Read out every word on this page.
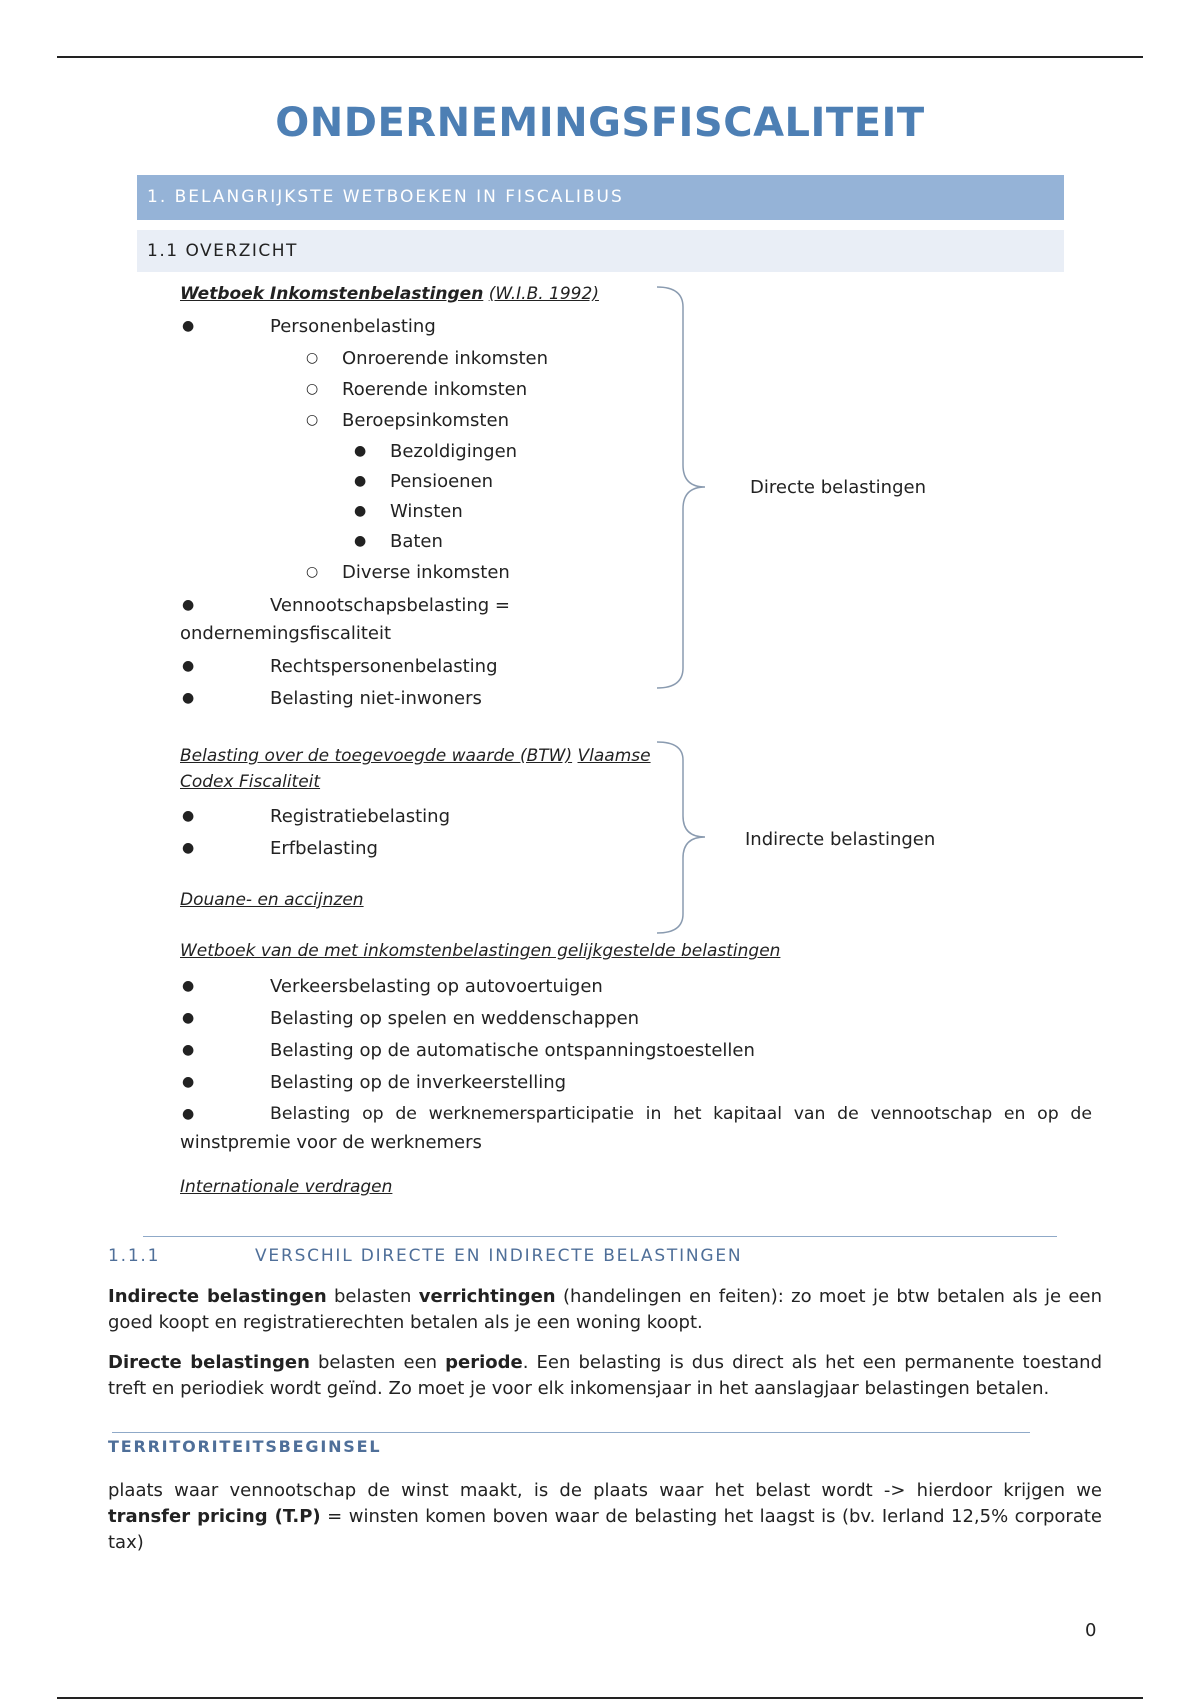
ONDERNEMINGSFISCALITEIT
1. BELANGRIJKSTE WETBOEKEN IN FISCALIBUS
1.1 OVERZICHT
Wetboek Inkomstenbelastingen (W.I.B. 1992)
●	Personenbelasting
○ Onroerende inkomsten
○ Roerende inkomsten
○ Beroepsinkomsten
● Bezoldigingen
● Pensioenen
● Winsten
● Baten
○ Diverse inkomsten
●	Vennootschapsbelasting =
ondernemingsfiscaliteit
●	Rechtspersonenbelasting
●	Belasting niet-inwoners
Directe belastingen
Belasting over de toegevoegde waarde (BTW) Vlaamse
Codex Fiscaliteit
●	Registratiebelasting
●	Erfbelasting
Douane- en accijnzen
Indirecte belastingen
Wetboek van de met inkomstenbelastingen gelijkgestelde belastingen
●	Verkeersbelasting op autovoertuigen
●	Belasting op spelen en weddenschappen
●	Belasting op de automatische ontspanningstoestellen
●	Belasting op de inverkeerstelling
●	Belasting op de werknemersparticipatie in het kapitaal van de vennootschap en op de
winstpremie voor de werknemers
Internationale verdragen
1.1.1	VERSCHIL DIRECTE EN INDIRECTE BELASTINGEN
Indirecte belastingen belasten verrichtingen (handelingen en feiten): zo moet je btw betalen als je een goed koopt en registratierechten betalen als je een woning koopt.
Directe belastingen belasten een periode. Een belasting is dus direct als het een permanente toestand treft en periodiek wordt geïnd. Zo moet je voor elk inkomensjaar in het aanslagjaar belastingen betalen.
TERRITORITEITSBEGINSEL
plaats waar vennootschap de winst maakt, is de plaats waar het belast wordt -> hierdoor krijgen we transfer pricing (T.P) = winsten komen boven waar de belasting het laagst is (bv. Ierland 12,5% corporate tax)
0
